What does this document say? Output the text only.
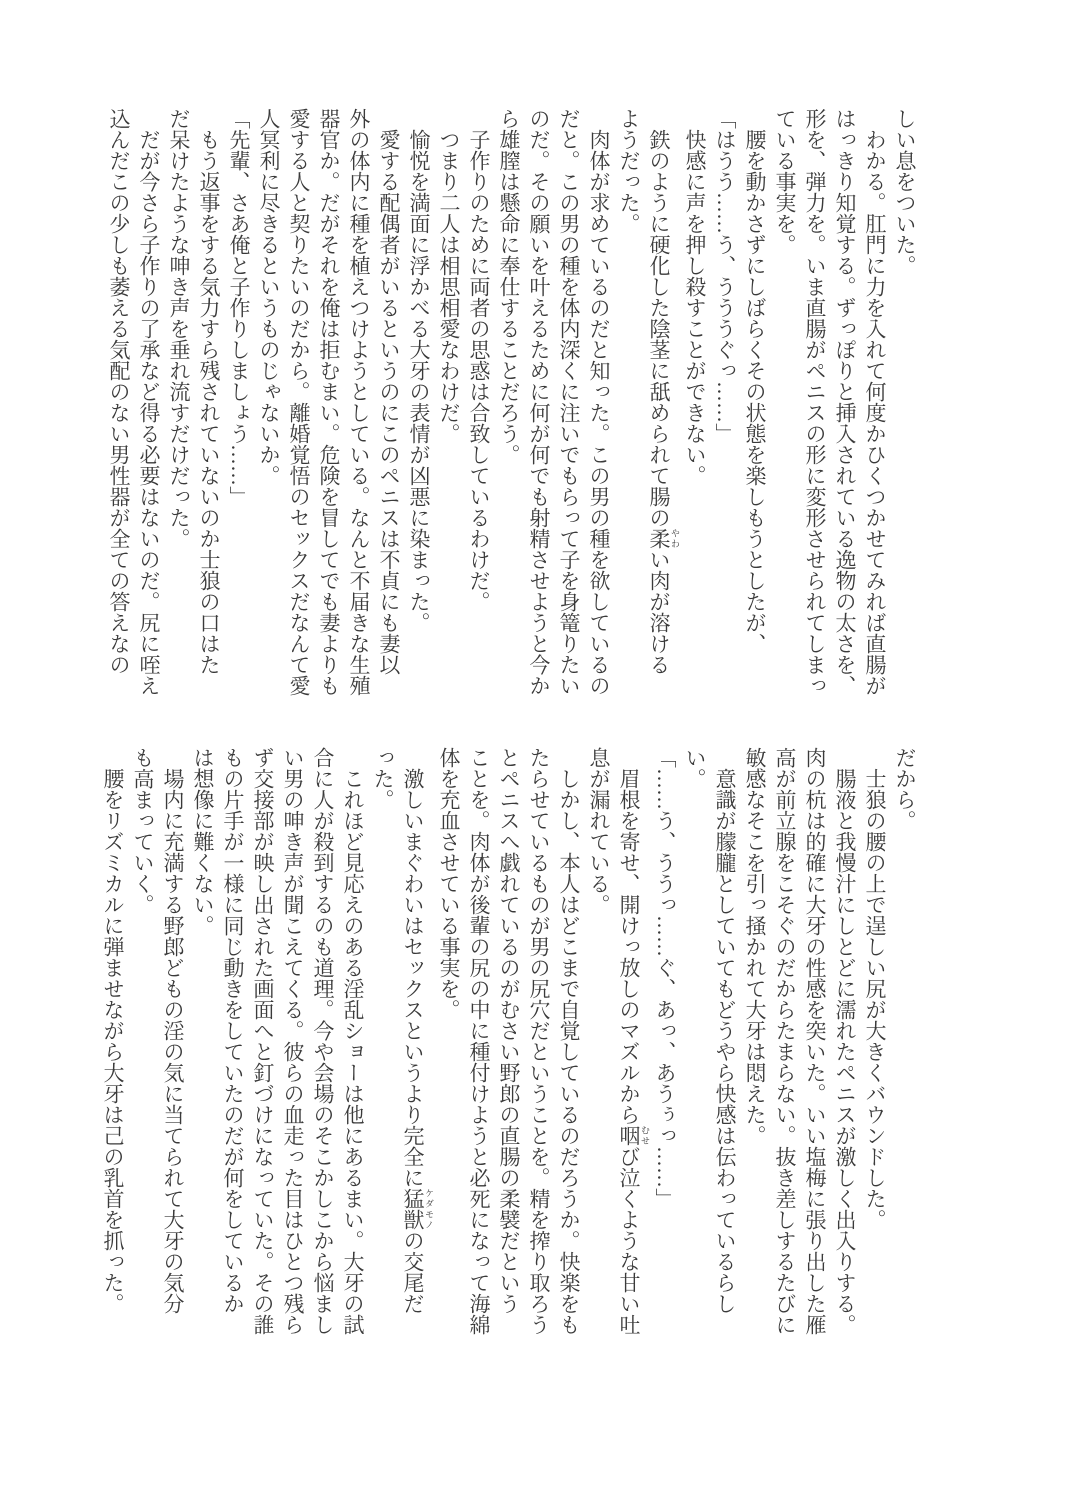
しい息をついた。

わかる。肛門に力を入れて何度かひくつかせてみれば直腸が
はっきり知覚する。ずっぽりと挿入されている逸物の太さを、
形を、弾力を。いま直腸がペニスの形に変形させられてしまっ
ている事実を。

腰を動かさずにしばらくその状態を楽しもうとしたが、

「はうう……う、うううぐっ……」

快感に声を押し殺すことができない。

鉄のように硬化した陰茎に舐められて腸の柔 やわい肉が溶ける
ようだった。

肉体が求めているのだと知った。この男の種を欲しているの
だと。この男の種を体内深くに注いでもらって子を身篭りたい
のだ。その願いを叶えるために何が何でも射精させようと今か
ら雄膣は懸命に奉仕することだろう。

子作りのために両者の思惑は合致しているわけだ。

つまり二人は相思相愛なわけだ。

愉悦を満面に浮かべる大牙の表情が凶悪に染まった。

愛する配偶者がいるというのにこのペニスは不貞にも妻以
外の体内に種を植えつけようとしている。なんと不届きな生殖
器官か。だがそれを俺は拒むまい。危険を冒してでも妻よりも
愛する人と契りたいのだから。離婚覚悟のセックスだなんて愛
人冥利に尽きるというものじゃないか。

「先輩、さあ俺と子作りしましょう……」

もう返事をする気力すら残されていないのか士狼の口はた
だ呆けたような呻き声を垂れ流すだけだった。

だが今さら子作りの了承など得る必要はないのだ。尻に咥え
込んだこの少しも萎える気配のない男性器が全ての答えなの

だから。

士狼の腰の上で逞しい尻が大きくバウンドした。

腸液と我慢汁にしとどに濡れたペニスが激しく出入りする。
肉の杭は的確に大牙の性感を突いた。いい塩梅に張り出した雁
高が前立腺をこそぐのだからたまらない。抜き差しするたびに
敏感なそこを引っ掻かれて大牙は悶えた。

意識が朦朧としていてもどうやら快感は伝わっているらし
い。

「……う、ううっ……ぐ、あっ、あうぅっ……」

眉根を寄せ、開けっ放しのマズルから咽 むせび泣くような甘い吐
息が漏れている。

しかし、本人はどこまで自覚しているのだろうか。快楽をも
たらせているものが男の尻穴だということを。精を搾り取ろう
とペニスへ戯れているのがむさい野郎の直腸の柔襞だという
ことを。肉体が後輩の尻の中に種付けようと必死になって海綿
体を充血させている事実を。

激しいまぐわいはセックスというより完全に猛獣 ケダモノの交尾だ
った。

これほど見応えのある淫乱ショーは他にあるまい。大牙の試
合に人が殺到するのも道理。今や会場のそこかしこから悩まし
い男の呻き声が聞こえてくる。彼らの血走った目はひとつ残ら
ず交接部が映し出された画面へと釘づけになっていた。その誰
もの片手が一様に同じ動きをしていたのだが何をしているか
は想像に難くない。

場内に充満する野郎どもの淫の気に当てられて大牙の気分
も高まっていく。

腰をリズミカルに弾ませながら大牙は己の乳首を抓った。
